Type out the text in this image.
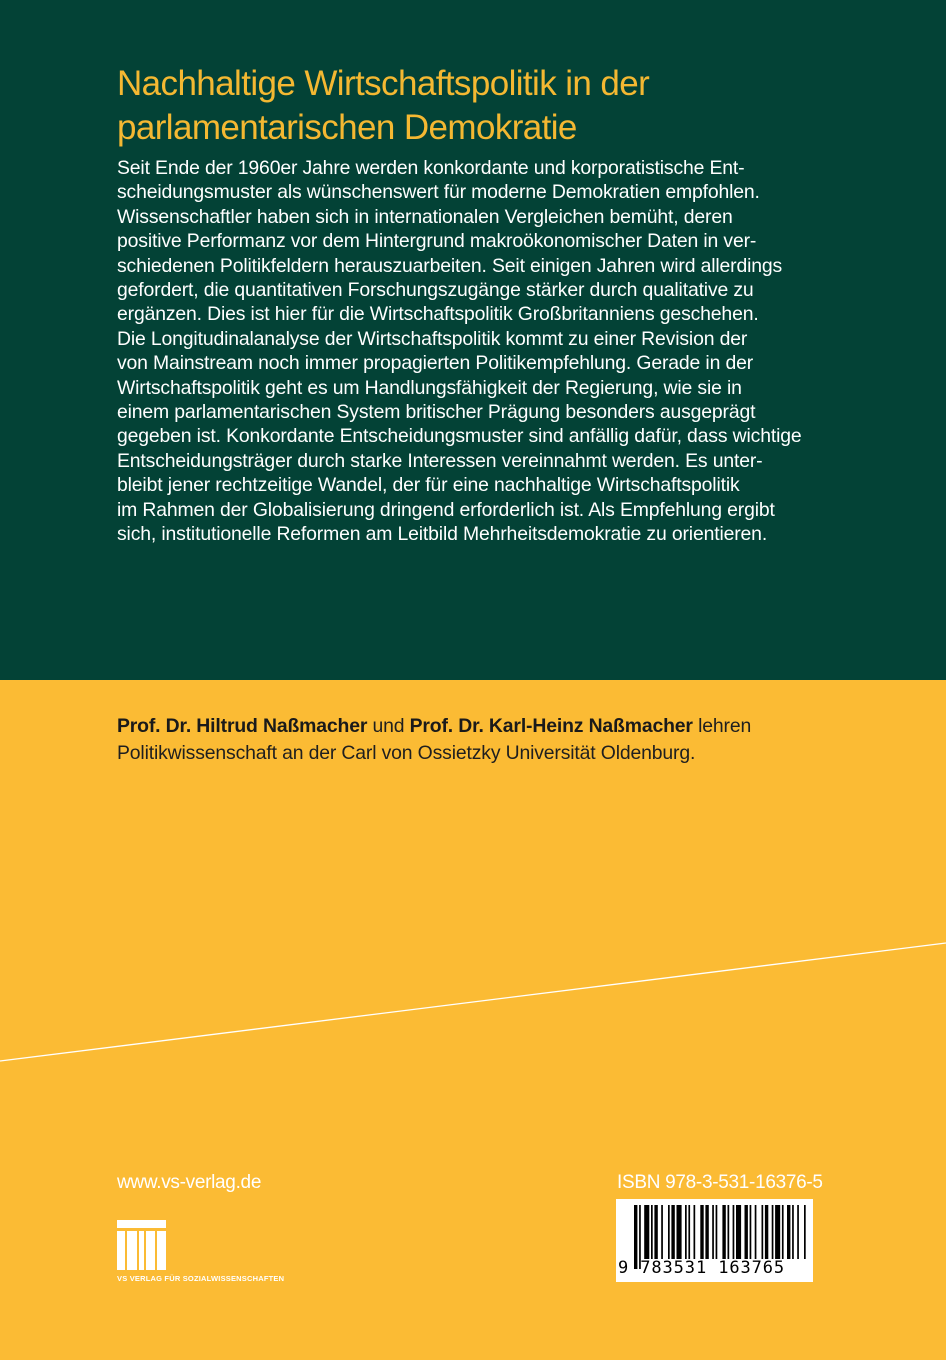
Nachhaltige Wirtschaftspolitik in der
parlamentarischen Demokratie
Seit Ende der 1960er Jahre werden konkordante und korporatistische Ent-
scheidungsmuster als wünschenswert für moderne Demokratien empfohlen.
Wissenschaftler haben sich in internationalen Vergleichen bemüht, deren
positive Performanz vor dem Hintergrund makroökonomischer Daten in ver-
schiedenen Politikfeldern herauszuarbeiten. Seit einigen Jahren wird allerdings
gefordert, die quantitativen Forschungszugänge stärker durch qualitative zu
ergänzen. Dies ist hier für die Wirtschaftspolitik Großbritanniens geschehen.
Die Longitudinalanalyse der Wirtschaftspolitik kommt zu einer Revision der
von Mainstream noch immer propagierten Politikempfehlung. Gerade in der
Wirtschaftspolitik geht es um Handlungsfähigkeit der Regierung, wie sie in
einem parlamentarischen System britischer Prägung besonders ausgeprägt
gegeben ist. Konkordante Entscheidungsmuster sind anfällig dafür, dass wichtige
Entscheidungsträger durch starke Interessen vereinnahmt werden. Es unter-
bleibt jener rechtzeitige Wandel, der für eine nachhaltige Wirtschaftspolitik
im Rahmen der Globalisierung dringend erforderlich ist. Als Empfehlung ergibt
sich, institutionelle Reformen am Leitbild Mehrheitsdemokratie zu orientieren.
Prof. Dr. Hiltrud Naßmacher und Prof. Dr. Karl-Heinz Naßmacher lehren
Politikwissenschaft an der Carl von Ossietzky Universität Oldenburg.
www.vs-verlag.de
VS VERLAG FÜR SOZIALWISSENSCHAFTEN
ISBN 978-3-531-16376-5
9 783531 163765
